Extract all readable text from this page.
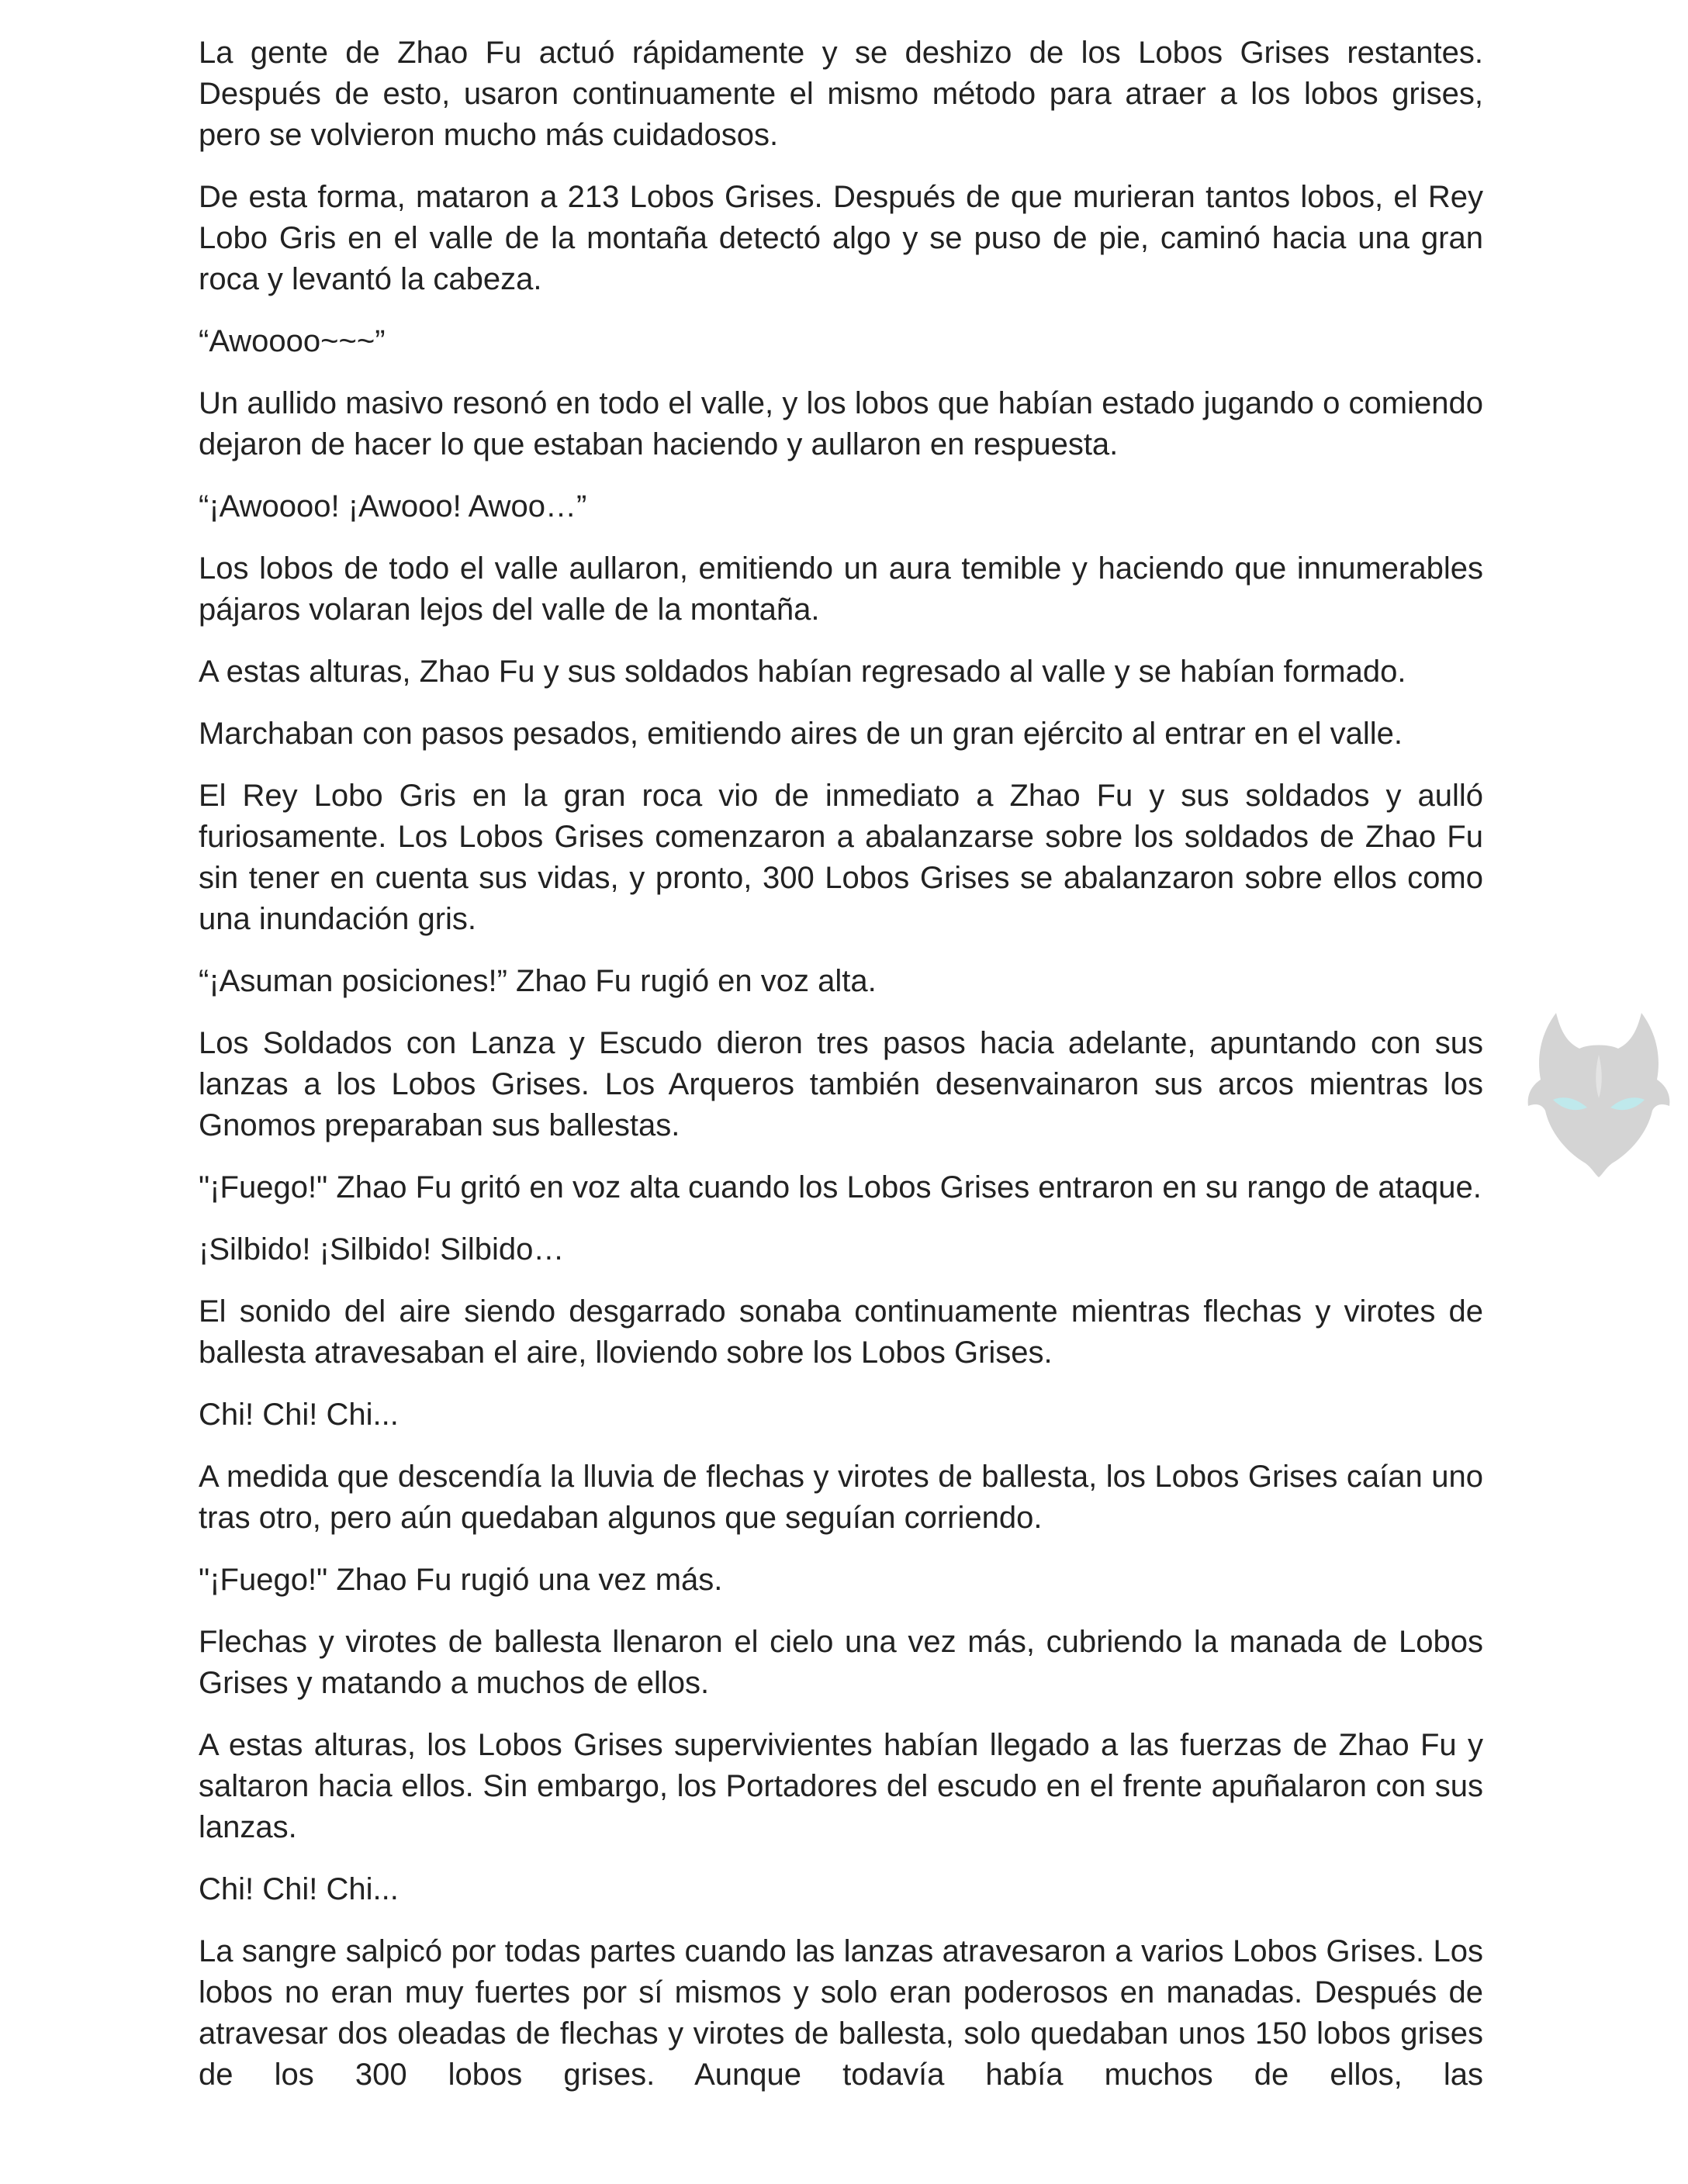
La gente de Zhao Fu actuó rápidamente y se deshizo de los Lobos Grises restantes. Después de esto, usaron continuamente el mismo método para atraer a los lobos grises, pero se volvieron mucho más cuidadosos.

De esta forma, mataron a 213 Lobos Grises. Después de que murieran tantos lobos, el Rey Lobo Gris en el valle de la montaña detectó algo y se puso de pie, caminó hacia una gran roca y levantó la cabeza.

“Awoooo~~~”

Un aullido masivo resonó en todo el valle, y los lobos que habían estado jugando o comiendo dejaron de hacer lo que estaban haciendo y aullaron en respuesta.

“¡Awoooo! ¡Awooo! Awoo…”

Los lobos de todo el valle aullaron, emitiendo un aura temible y haciendo que innumerables pájaros volaran lejos del valle de la montaña.

A estas alturas, Zhao Fu y sus soldados habían regresado al valle y se habían formado.

Marchaban con pasos pesados, emitiendo aires de un gran ejército al entrar en el valle.

El Rey Lobo Gris en la gran roca vio de inmediato a Zhao Fu y sus soldados y aulló furiosamente. Los Lobos Grises comenzaron a abalanzarse sobre los soldados de Zhao Fu sin tener en cuenta sus vidas, y pronto, 300 Lobos Grises se abalanzaron sobre ellos como una inundación gris.

“¡Asuman posiciones!” Zhao Fu rugió en voz alta.

Los Soldados con Lanza y Escudo dieron tres pasos hacia adelante, apuntando con sus lanzas a los Lobos Grises. Los Arqueros también desenvainaron sus arcos mientras los Gnomos preparaban sus ballestas.

"¡Fuego!" Zhao Fu gritó en voz alta cuando los Lobos Grises entraron en su rango de ataque.

¡Silbido! ¡Silbido! Silbido…

El sonido del aire siendo desgarrado sonaba continuamente mientras flechas y virotes de ballesta atravesaban el aire, lloviendo sobre los Lobos Grises.

Chi! Chi! Chi...

A medida que descendía la lluvia de flechas y virotes de ballesta, los Lobos Grises caían uno tras otro, pero aún quedaban algunos que seguían corriendo.

"¡Fuego!" Zhao Fu rugió una vez más.

Flechas y virotes de ballesta llenaron el cielo una vez más, cubriendo la manada de Lobos Grises y matando a muchos de ellos.

A estas alturas, los Lobos Grises supervivientes habían llegado a las fuerzas de Zhao Fu y saltaron hacia ellos. Sin embargo, los Portadores del escudo en el frente apuñalaron con sus lanzas.

Chi! Chi! Chi...

La sangre salpicó por todas partes cuando las lanzas atravesaron a varios Lobos Grises. Los lobos no eran muy fuertes por sí mismos y solo eran poderosos en manadas. Después de atravesar dos oleadas de flechas y virotes de ballesta, solo quedaban unos 150 lobos grises de los 300 lobos grises. Aunque todavía había muchos de ellos, las
